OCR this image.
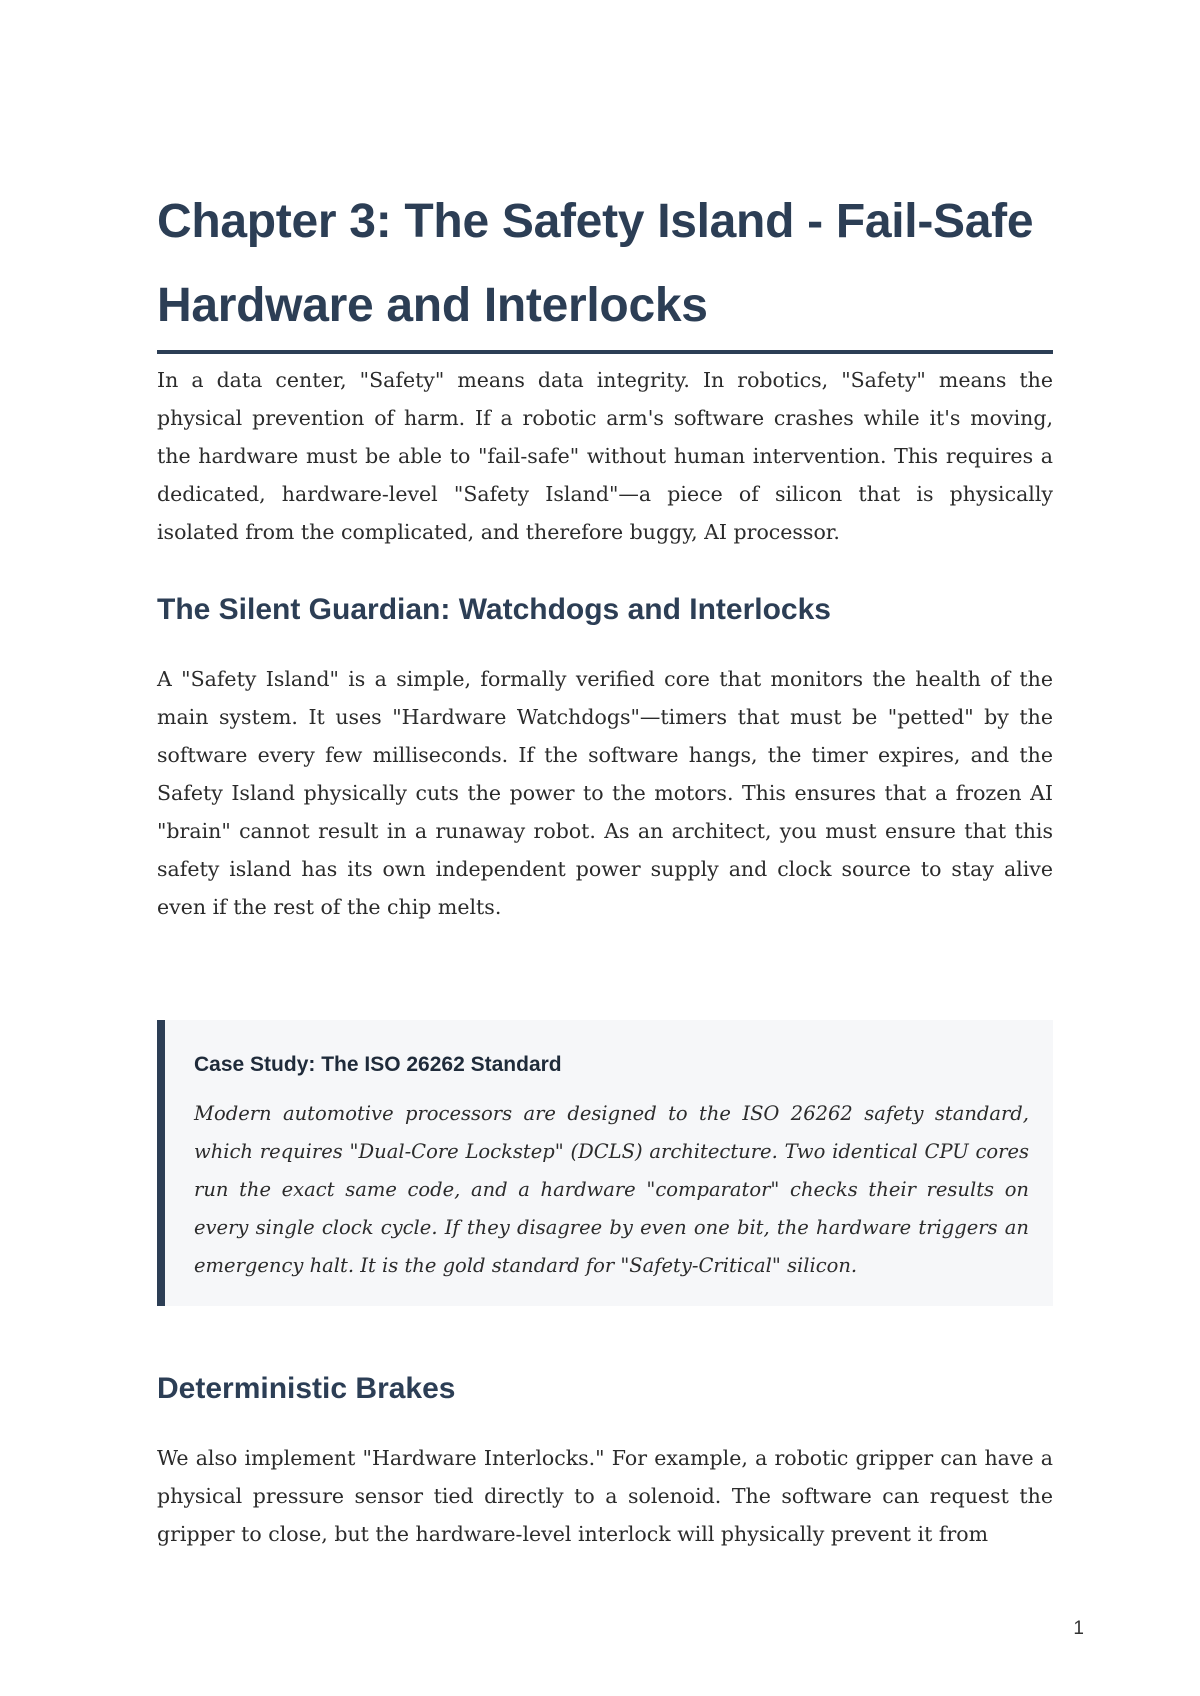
Chapter 3: The Safety Island - Fail-Safe Hardware and Interlocks

In a data center, "Safety" means data integrity. In robotics, "Safety" means the physical prevention of harm. If a robotic arm's software crashes while it's moving, the hardware must be able to "fail-safe" without human intervention. This requires a dedicated, hardware-level "Safety Island"—a piece of silicon that is physically isolated from the complicated, and therefore buggy, AI processor.

The Silent Guardian: Watchdogs and Interlocks

A "Safety Island" is a simple, formally verified core that monitors the health of the main system. It uses "Hardware Watchdogs"—timers that must be "petted" by the software every few milliseconds. If the software hangs, the timer expires, and the Safety Island physically cuts the power to the motors. This ensures that a frozen AI "brain" cannot result in a runaway robot. As an architect, you must ensure that this safety island has its own independent power supply and clock source to stay alive even if the rest of the chip melts.

Case Study: The ISO 26262 Standard

Modern automotive processors are designed to the ISO 26262 safety standard, which requires "Dual-Core Lockstep" (DCLS) architecture. Two identical CPU cores run the exact same code, and a hardware "comparator" checks their results on every single clock cycle. If they disagree by even one bit, the hardware triggers an emergency halt. It is the gold standard for "Safety-Critical" silicon.

Deterministic Brakes

We also implement "Hardware Interlocks." For example, a robotic gripper can have a physical pressure sensor tied directly to a solenoid. The software can request the gripper to close, but the hardware-level interlock will physically prevent it from

1
